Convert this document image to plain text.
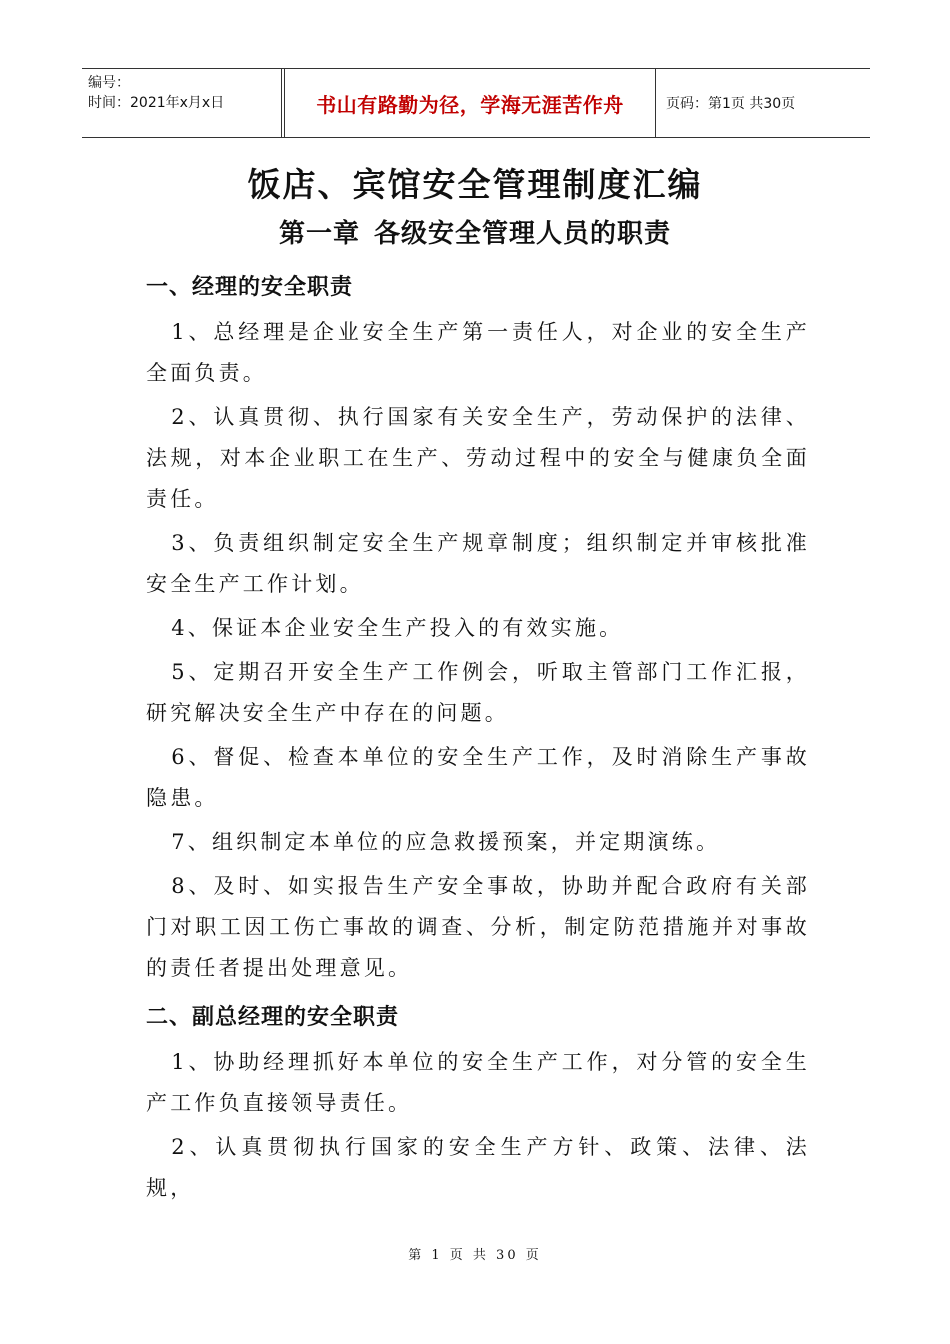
编号：
时间：2021年x月x日	书山有路勤为径，学海无涯苦作舟	页码：第1页 共30页
饭店、宾馆安全管理制度汇编
第一章 各级安全管理人员的职责
一、经理的安全职责

1、总经理是企业安全生产第一责任人，对企业的安全生产全面负责。

2、认真贯彻、执行国家有关安全生产，劳动保护的法律、法规，对本企业职工在生产、劳动过程中的安全与健康负全面责任。

3、负责组织制定安全生产规章制度；组织制定并审核批准安全生产工作计划。

4、保证本企业安全生产投入的有效实施。

5、定期召开安全生产工作例会，听取主管部门工作汇报，研究解决安全生产中存在的问题。

6、督促、检查本单位的安全生产工作，及时消除生产事故隐患。

7、组织制定本单位的应急救援预案，并定期演练。

8、及时、如实报告生产安全事故，协助并配合政府有关部门对职工因工伤亡事故的调查、分析，制定防范措施并对事故的责任者提出处理意见。

二、副总经理的安全职责

1、协助经理抓好本单位的安全生产工作，对分管的安全生产工作负直接领导责任。

2、认真贯彻执行国家的安全生产方针、政策、法律、法规，

第 1 页 共 30 页
